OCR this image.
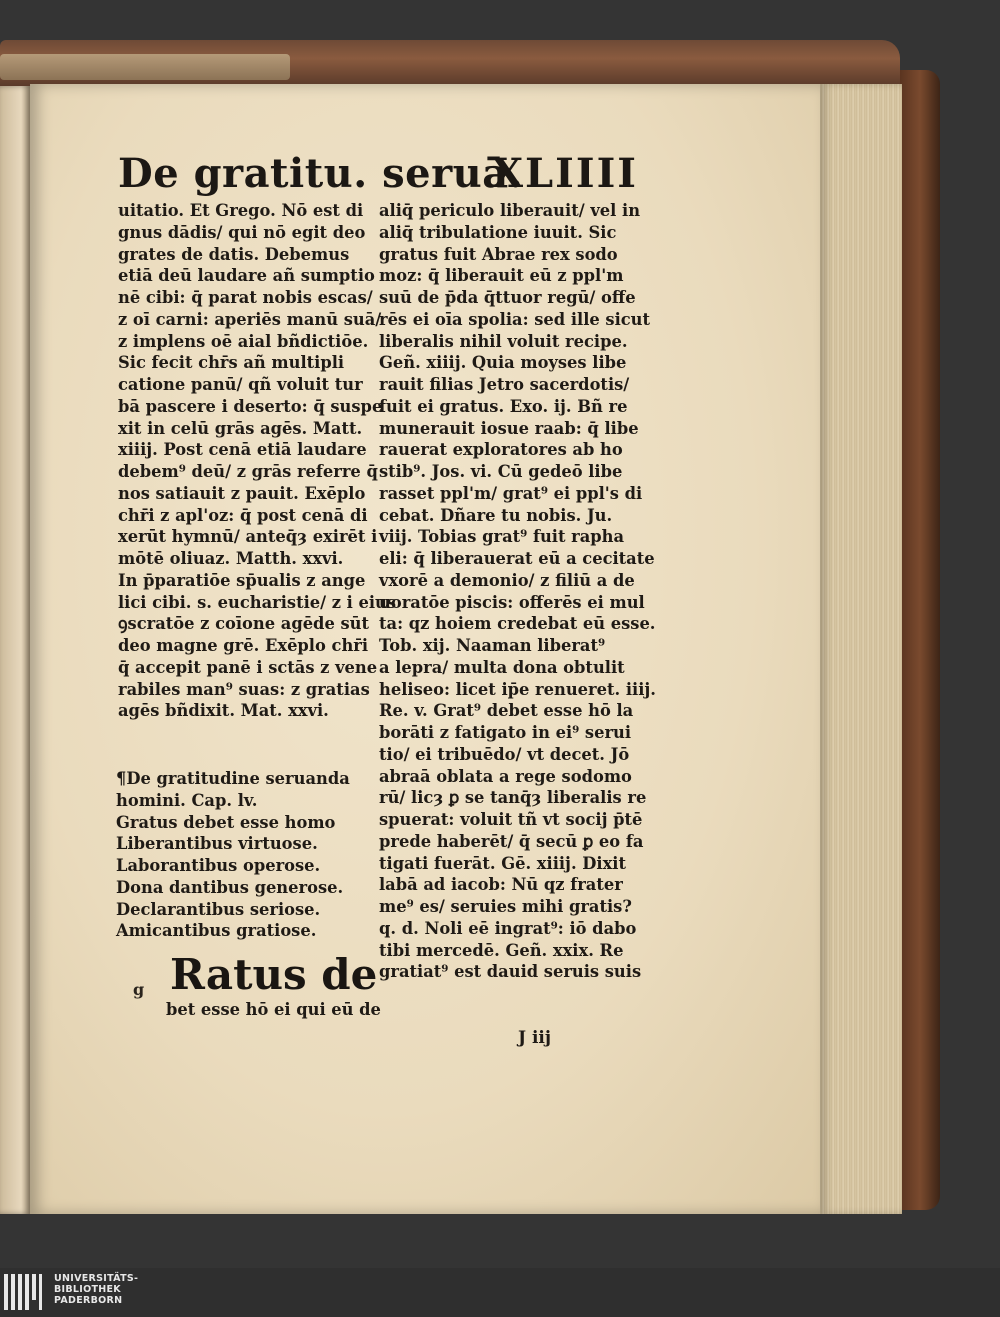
De gratitu. seruā.
XLIIII
uitatio. Et Grego. Nō est di
gnus dādis/ qui nō egit deo
grates de datis. Debemus
etiā deū laudare añ sumptio
nē cibi: q̄ parat nobis escas/
z oī carni: aperiēs manū suā/
z implens oē aial bñdictiōe.
Sic fecit chr̄s añ multipli
catione panū/ qñ voluit tur
bā pascere i deserto: q̄ suspe
xit in celū grās agēs. Matt.
xiiij. Post cenā etiā laudare
debem⁹ deū/ z grās referre q̄
nos satiauit z pauit. Exēplo
chr̄i z apl'oz: q̄ post cenā di
xerūt hymnū/ anteq̄ȝ exirēt i
mōtē oliuaz. Matth. xxvi.
In p̄paratiōe sp̄ualis z ange
lici cibi. s. eucharistie/ z i eius
ꝯscratōe z coīone agēde sūt
deo magne grē. Exēplo chr̄i
q̄ accepit panē i sctās z vene
rabiles man⁹ suas: z gratias
agēs bñdixit. Mat. xxvi.
aliq̄ periculo liberauit/ vel in
aliq̄ tribulatione iuuit. Sic
gratus fuit Abrae rex sodo
moz: q̄ liberauit eū z ppl'm
suū de p̄da q̄ttuor regū/ offe
rēs ei oīa spolia: sed ille sicut
liberalis nihil voluit recipe.
Geñ. xiiij. Quia moyses libe
rauit filias Jetro sacerdotis/
fuit ei gratus. Exo. ij. Bñ re
munerauit iosue raab: q̄ libe
rauerat exploratores ab ho
stib⁹. Jos. vi. Cū gedeō libe
rasset ppl'm/ grat⁹ ei ppl's di
cebat. Dñare tu nobis. Ju.
viij. Tobias grat⁹ fuit rapha
eli: q̄ liberauerat eū a cecitate
vxorē a demonio/ z filiū a de
uoratōe piscis: offerēs ei mul
ta: qz hoiem credebat eū esse.
Tob. xij. Naaman liberat⁹
a lepra/ multa dona obtulit
heliseo: licet ip̄e renueret. iiij.
Re. v. Grat⁹ debet esse hō la
borāti z fatigato in ei⁹ serui
tio/ ei tribuēdo/ vt decet. Jō
abraā oblata a rege sodomo
rū/ licȝ ꝑ se tanq̄ȝ liberalis re
spuerat: voluit tñ vt socij p̄tē
prede haberēt/ q̄ secū ꝑ eo fa
tigati fuerāt. Gē. xiiij. Dixit
labā ad iacob: Nū qz frater
me⁹ es/ seruies mihi gratis?
q. d. Noli eē ingrat⁹: iō dabo
tibi mercedē. Geñ. xxix. Re
gratiat⁹ est dauid seruis suis
¶De gratitudine seruanda
homini. Cap. lv.
Gratus debet esse homo
Liberantibus virtuose.
Laborantibus operose.
Dona dantibus generose.
Declarantibus seriose.
Amicantibus gratiose.
Ratus de
g
bet esse hō ei qui eū de
J iij
UNIVERSITÄTS-
BIBLIOTHEK
PADERBORN
